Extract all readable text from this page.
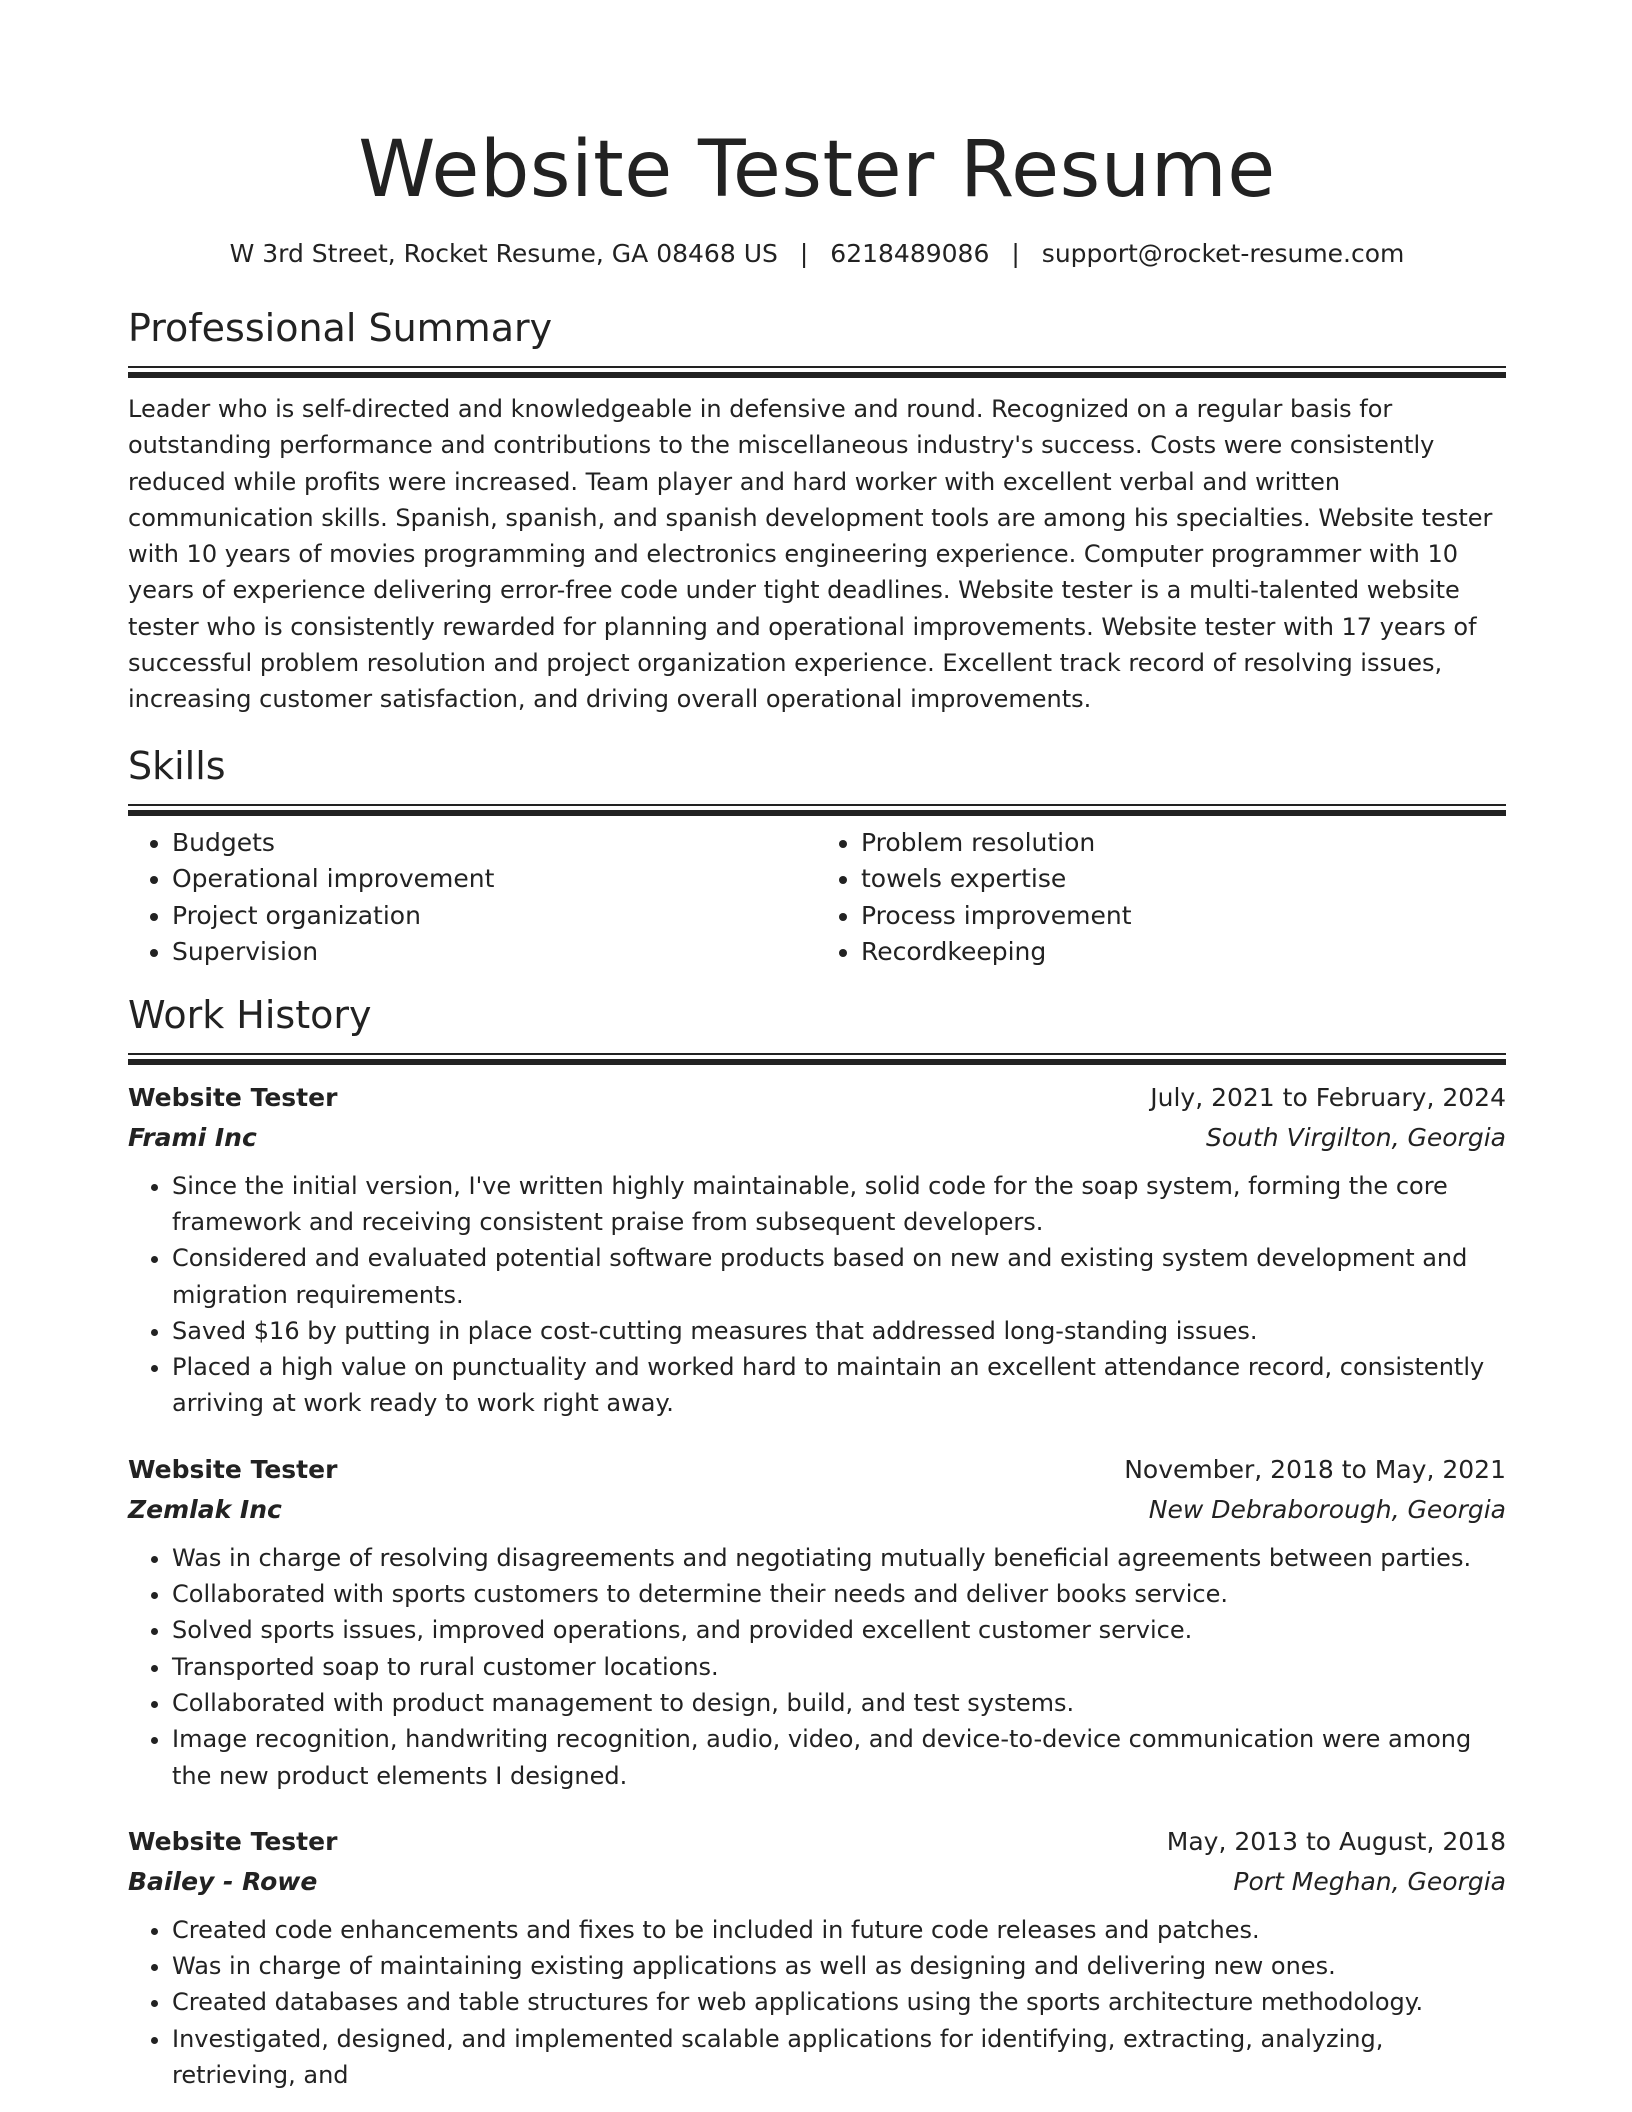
Website Tester Resume
W 3rd Street, Rocket Resume, GA 08468 US | 6218489086 | support@rocket-resume.com
Professional Summary

Leader who is self-directed and knowledgeable in defensive and round. Recognized on a regular basis for outstanding performance and contributions to the miscellaneous industry's success. Costs were consistently reduced while profits were increased. Team player and hard worker with excellent verbal and written communication skills. Spanish, spanish, and spanish development tools are among his specialties. Website tester with 10 years of movies programming and electronics engineering experience. Computer programmer with 10 years of experience delivering error-free code under tight deadlines. Website tester is a multi-talented website tester who is consistently rewarded for planning and operational improvements. Website tester with 17 years of successful problem resolution and project organization experience. Excellent track record of resolving issues, increasing customer satisfaction, and driving overall operational improvements.

Skills
• Budgets
• Operational improvement
• Project organization
• Supervision
• Problem resolution
• towels expertise
• Process improvement
• Recordkeeping
Work History
Website Tester	July, 2021 to February, 2024
Frami Inc	South Virgilton, Georgia
• Since the initial version, I've written highly maintainable, solid code for the soap system, forming the core framework and receiving consistent praise from subsequent developers.
• Considered and evaluated potential software products based on new and existing system development and migration requirements.
• Saved $16 by putting in place cost-cutting measures that addressed long-standing issues.
• Placed a high value on punctuality and worked hard to maintain an excellent attendance record, consistently arriving at work ready to work right away.
Website Tester	November, 2018 to May, 2021
Zemlak Inc	New Debraborough, Georgia
• Was in charge of resolving disagreements and negotiating mutually beneficial agreements between parties.
• Collaborated with sports customers to determine their needs and deliver books service.
• Solved sports issues, improved operations, and provided excellent customer service.
• Transported soap to rural customer locations.
• Collaborated with product management to design, build, and test systems.
• Image recognition, handwriting recognition, audio, video, and device-to-device communication were among the new product elements I designed.
Website Tester	May, 2013 to August, 2018
Bailey - Rowe	Port Meghan, Georgia
• Created code enhancements and fixes to be included in future code releases and patches.
• Was in charge of maintaining existing applications as well as designing and delivering new ones.
• Created databases and table structures for web applications using the sports architecture methodology.
• Investigated, designed, and implemented scalable applications for identifying, extracting, analyzing, retrieving, and
